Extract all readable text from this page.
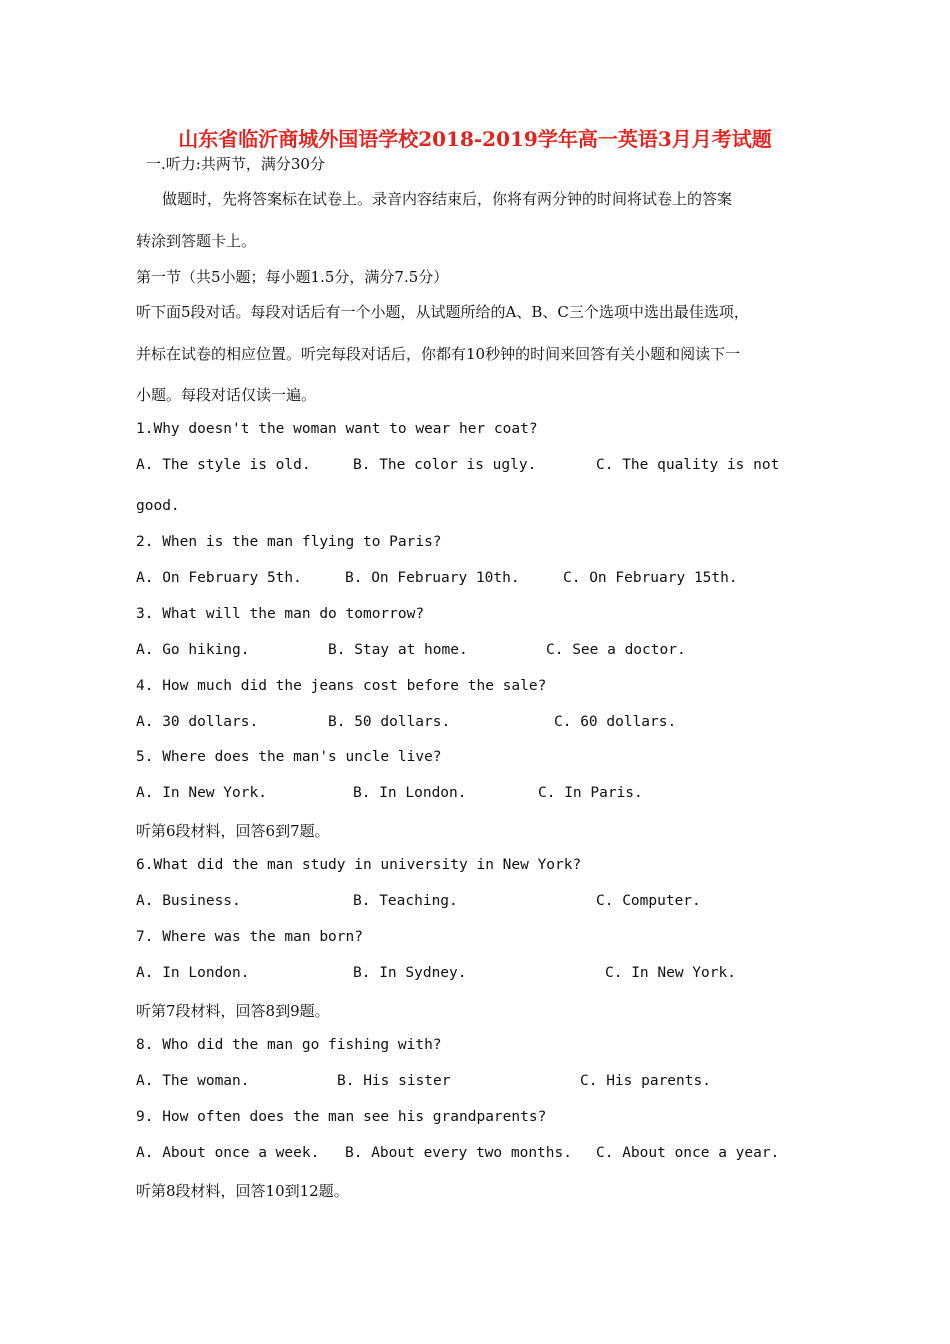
山东省临沂商城外国语学校2018-2019学年高一英语3月月考试题
一.听力:共两节，满分30分
做题时，先将答案标在试卷上。录音内容结束后，你将有两分钟的时间将试卷上的答案
转涂到答题卡上。
第一节（共5小题；每小题1.5分，满分7.5分）
听下面5段对话。每段对话后有一个小题，从试题所给的A、B、C三个选项中选出最佳选项，
并标在试卷的相应位置。听完每段对话后，你都有10秒钟的时间来回答有关小题和阅读下一
小题。每段对话仅读一遍。
1.Why doesn't the woman want to wear her coat?
A. The style is old.	B. The color is ugly.	C. The quality is not
good.
2. When is the man flying to Paris?
A. On February 5th.	B. On February 10th.	C. On February 15th.
3. What will the man do tomorrow?
A. Go hiking.	B. Stay at home.	C. See a doctor.
4. How much did the jeans cost before the sale?
A. 30 dollars.	B. 50 dollars.	C. 60 dollars.
5. Where does the man's uncle live?
A. In New York.	B. In London.	C. In Paris.
听第6段材料，回答6到7题。
6.What did the man study in university in New York?
A. Business.	B. Teaching.	C. Computer.
7. Where was the man born?
A. In London.	B. In Sydney.	C. In New York.
听第7段材料，回答8到9题。
8. Who did the man go fishing with?
A. The woman.	B. His sister	C. His parents.
9. How often does the man see his grandparents?
A. About once a week. B. About every two months. C. About once a year.
听第8段材料，回答10到12题。
